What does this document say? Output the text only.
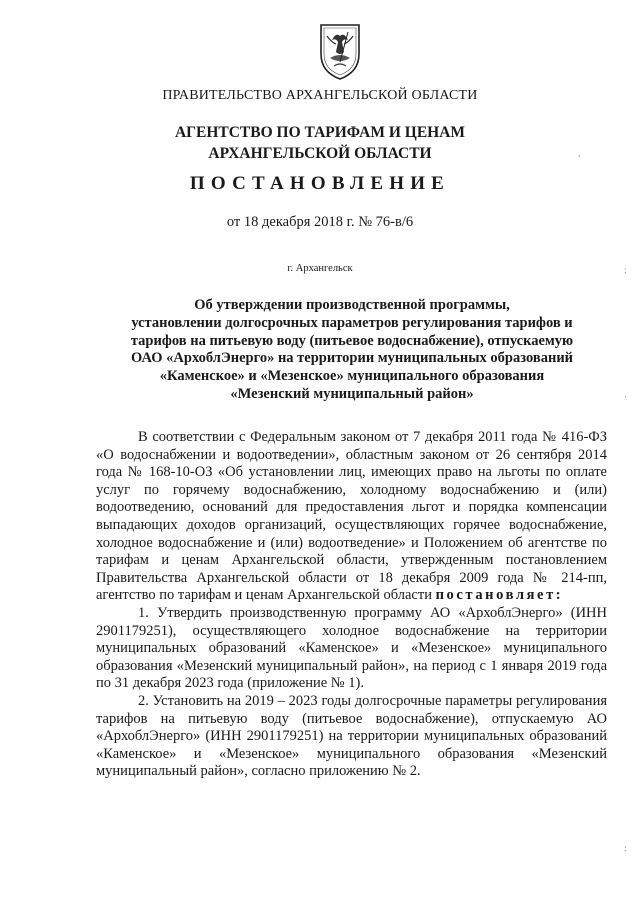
ПРАВИТЕЛЬСТВО АРХАНГЕЛЬСКОЙ ОБЛАСТИ
АГЕНТСТВО ПО ТАРИФАМ И ЦЕНАМ
АРХАНГЕЛЬСКОЙ ОБЛАСТИ
ПОСТАНОВЛЕНИЕ
от 18 декабря 2018 г. № 76-в/6
г. Архангельск
Об утверждении производственной программы,
установлении долгосрочных параметров регулирования тарифов и
тарифов на питьевую воду (питьевое водоснабжение), отпускаемую
ОАО «АрхоблЭнерго» на территории муниципальных образований
«Каменское» и «Мезенское» муниципального образования
«Мезенский муниципальный район»

В соответствии с Федеральным законом от 7 декабря 2011 года № 416-ФЗ «О водоснабжении и водоотведении», областным законом от 26 сентября 2014 года № 168-10-ОЗ «Об установлении лиц, имеющих право на льготы по оплате услуг по горячему водоснабжению, холодному водоснабжению и (или) водоотведению, оснований для предоставления льгот и порядка компенсации выпадающих доходов организаций, осуществляющих горячее водоснабжение, холодное водоснабжение и (или) водоотведение» и Положением об агентстве по тарифам и ценам Архангельской области, утвержденным постановлением Правительства Архангельской области от 18 декабря 2009 года № 214-пп, агентство по тарифам и ценам Архангельской области постановляет:

1. Утвердить производственную программу АО «АрхоблЭнерго» (ИНН 2901179251), осуществляющего холодное водоснабжение на территории муниципальных образований «Каменское» и «Мезенское» муниципального образования «Мезенский муниципальный район», на период с 1 января 2019 года по 31 декабря 2023 года (приложение № 1).

2. Установить на 2019 – 2023 годы долгосрочные параметры регулирования тарифов на питьевую воду (питьевое водоснабжение), отпускаемую АО «АрхоблЭнерго» (ИНН 2901179251) на территории муниципальных образований «Каменское» и «Мезенское» муниципального образования «Мезенский муниципальный район», согласно приложению № 2.

,
:
·
:
